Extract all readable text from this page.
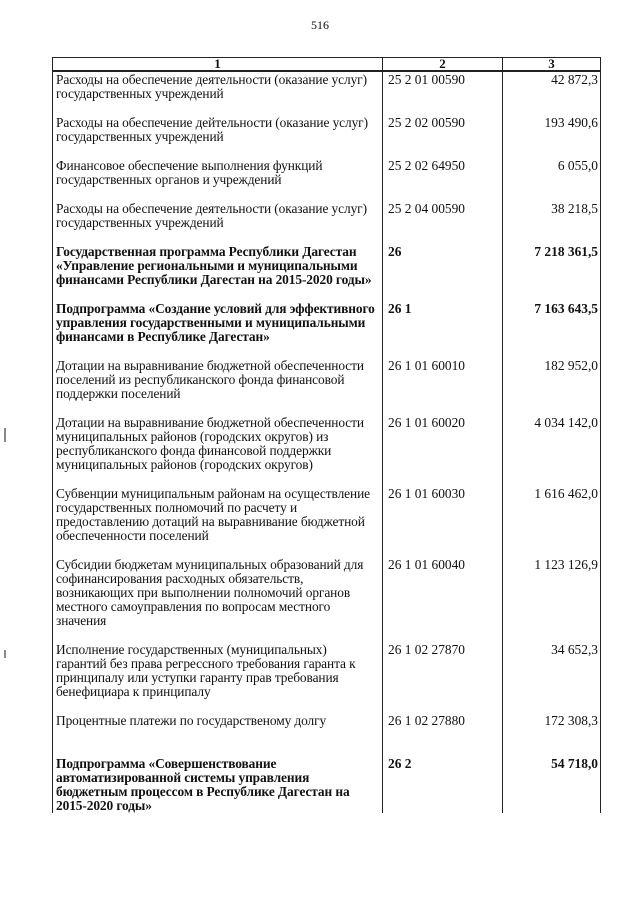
516
1	2	3
Расходы на обеспечение деятельности (оказание услуг) государственных учреждений	25 2 01 00590	42 872,3
Расходы на обеспечение дейтельности (оказание услуг) государственных учреждений	25 2 02 00590	193 490,6
Финансовое обеспечение выполнения функций государственных органов и учреждений	25 2 02 64950	6 055,0
Расходы на обеспечение деятельности (оказание услуг) государственных учреждений	25 2 04 00590	38 218,5
Государственная программа Республики Дагестан «Управление региональными и муниципальными финансами Республики Дагестан на 2015-2020 годы»	26	7 218 361,5
Подпрограмма «Создание условий для эффективного управления государственными и муниципальными финансами в Республике Дагестан»	26 1	7 163 643,5
Дотации на выравнивание бюджетной обеспеченности поселений из республиканского фонда финансовой поддержки поселений	26 1 01 60010	182 952,0
Дотации на выравнивание бюджетной обеспеченности муниципальных районов (городских округов) из республиканского фонда финансовой поддержки муниципальных районов (городских округов)	26 1 01 60020	4 034 142,0
Субвенции муниципальным районам на осуществление государственных полномочий по расчету и предоставлению дотаций на выравнивание бюджетной обеспеченности поселений	26 1 01 60030	1 616 462,0
Субсидии бюджетам муниципальных образований для софинансирования расходных обязательств, возникающих при выполнении полномочий органов местного самоуправления по вопросам местного значения	26 1 01 60040	1 123 126,9
Исполнение государственных (муниципальных) гарантий без права регрессного требования гаранта к принципалу или уступки гаранту прав требования бенефициара к принципалу	26 1 02 27870	34 652,3
Процентные платежи по государственому долгу	26 1 02 27880	172 308,3
Подпрограмма «Совершенствование автоматизированной системы управления бюджетным процессом в Республике Дагестан на 2015-2020 годы»	26 2	54 718,0
